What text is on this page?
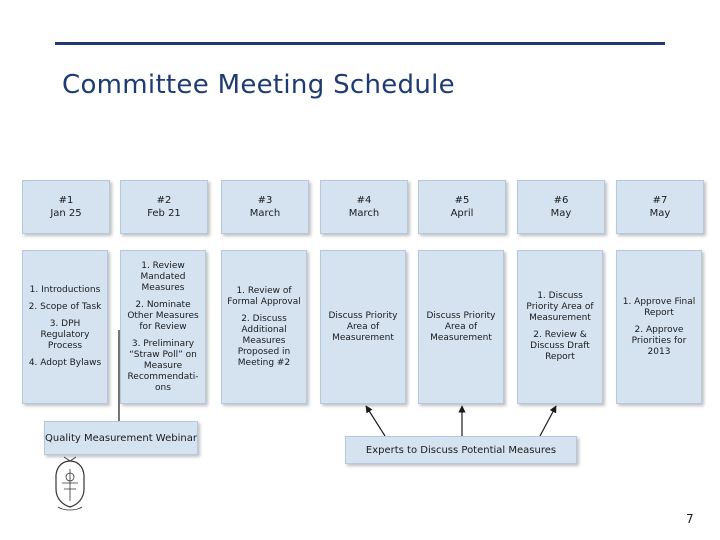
Committee Meeting Schedule
#1
Jan 25
#2
Feb 21
#3
March
#4
March
#5
April
#6
May
#7
May

1. Introductions

2. Scope of Task

3. DPH Regulatory Process

4. Adopt Bylaws

1. Review Mandated Measures

2. Nominate Other Measures for Review

3. Preliminary “Straw Poll” on Measure Recommendati- ons

1. Review of Formal Approval

2. Discuss Additional Measures Proposed in Meeting #2

Discuss Priority Area of Measurement

Discuss Priority Area of Measurement

1. Discuss Priority Area of Measurement

2. Review & Discuss Draft Report

1. Approve Final Report

2. Approve Priorities for 2013

Quality Measurement Webinar
Experts to Discuss Potential Measures
7
